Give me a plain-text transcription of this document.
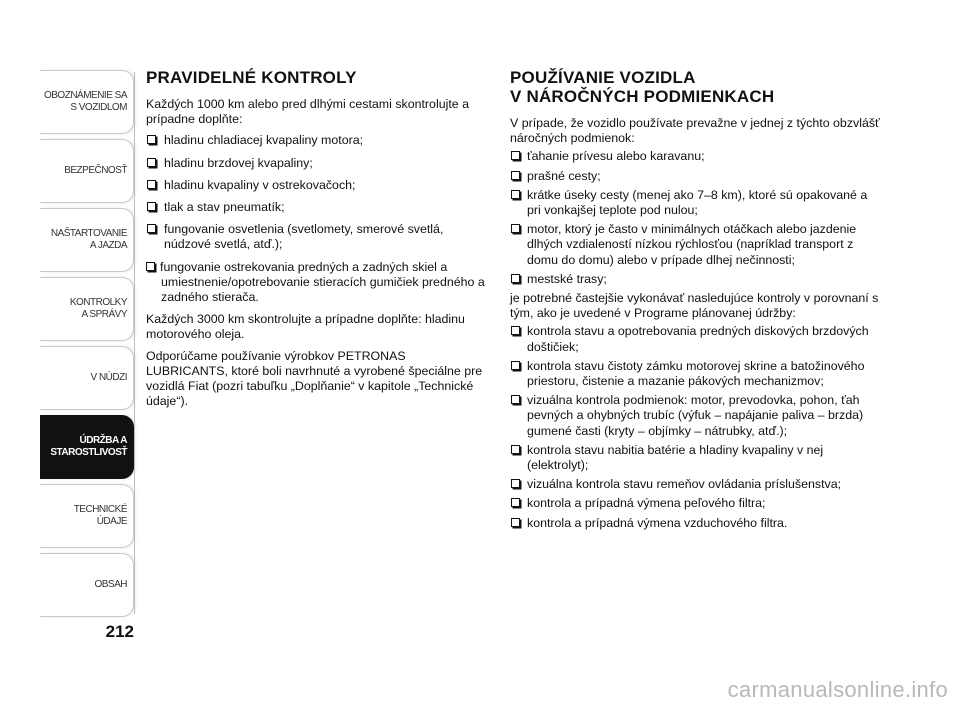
OBOZNÁMENIE SA
S VOZIDLOM
BEZPEČNOSŤ
NAŠTARTOVANIE
A JAZDA
KONTROLKY
A SPRÁVY
V NÚDZI
ÚDRŽBA A
STAROSTLIVOSŤ
TECHNICKÉ
ÚDAJE
OBSAH
212
PRAVIDELNÉ KONTROLY

Každých 1000 km alebo pred dlhými cestami skontrolujte a prípadne doplňte:

hladinu chladiacej kvapaliny motora;
hladinu brzdovej kvapaliny;
hladinu kvapaliny v ostrekovačoch;
tlak a stav pneumatík;
fungovanie osvetlenia (svetlomety, smerové svetlá, núdzové svetlá, atď.);

fungovanie ostrekovania predných a zadných skiel a umiestnenie/opotrebovanie stieracích gumičiek predného a zadného stierača.

Každých 3000 km skontrolujte a prípadne doplňte: hladinu motorového oleja.

Odporúčame používanie výrobkov PETRONAS LUBRICANTS, ktoré boli navrhnuté a vyrobené špeciálne pre vozidlá Fiat (pozri tabuľku „Doplňanie“ v kapitole „Technické údaje“).

POUŽÍVANIE VOZIDLA
V NÁROČNÝCH PODMIENKACH

V prípade, že vozidlo používate prevažne v jednej z týchto obzvlášť náročných podmienok:

ťahanie prívesu alebo karavanu;
prašné cesty;
krátke úseky cesty (menej ako 7–8 km), ktoré sú opakované a pri vonkajšej teplote pod nulou;
motor, ktorý je často v minimálnych otáčkach alebo jazdenie dlhých vzdialeností nízkou rýchlosťou (napríklad transport z domu do domu) alebo v prípade dlhej nečinnosti;
mestské trasy;

je potrebné častejšie vykonávať nasledujúce kontroly v porovnaní s tým, ako je uvedené v Programe plánovanej údržby:

kontrola stavu a opotrebovania predných diskových brzdových doštičiek;
kontrola stavu čistoty zámku motorovej skrine a batožinového priestoru, čistenie a mazanie pákových mechanizmov;
vizuálna kontrola podmienok: motor, prevodovka, pohon, ťah pevných a ohybných trubíc (výfuk – napájanie paliva – brzda) gumené časti (kryty – objímky – nátrubky, atď.);
kontrola stavu nabitia batérie a hladiny kvapaliny v nej (elektrolyt);
vizuálna kontrola stavu remeňov ovládania príslušenstva;
kontrola a prípadná výmena peľového filtra;
kontrola a prípadná výmena vzduchového filtra.
carmanualsonline.info
